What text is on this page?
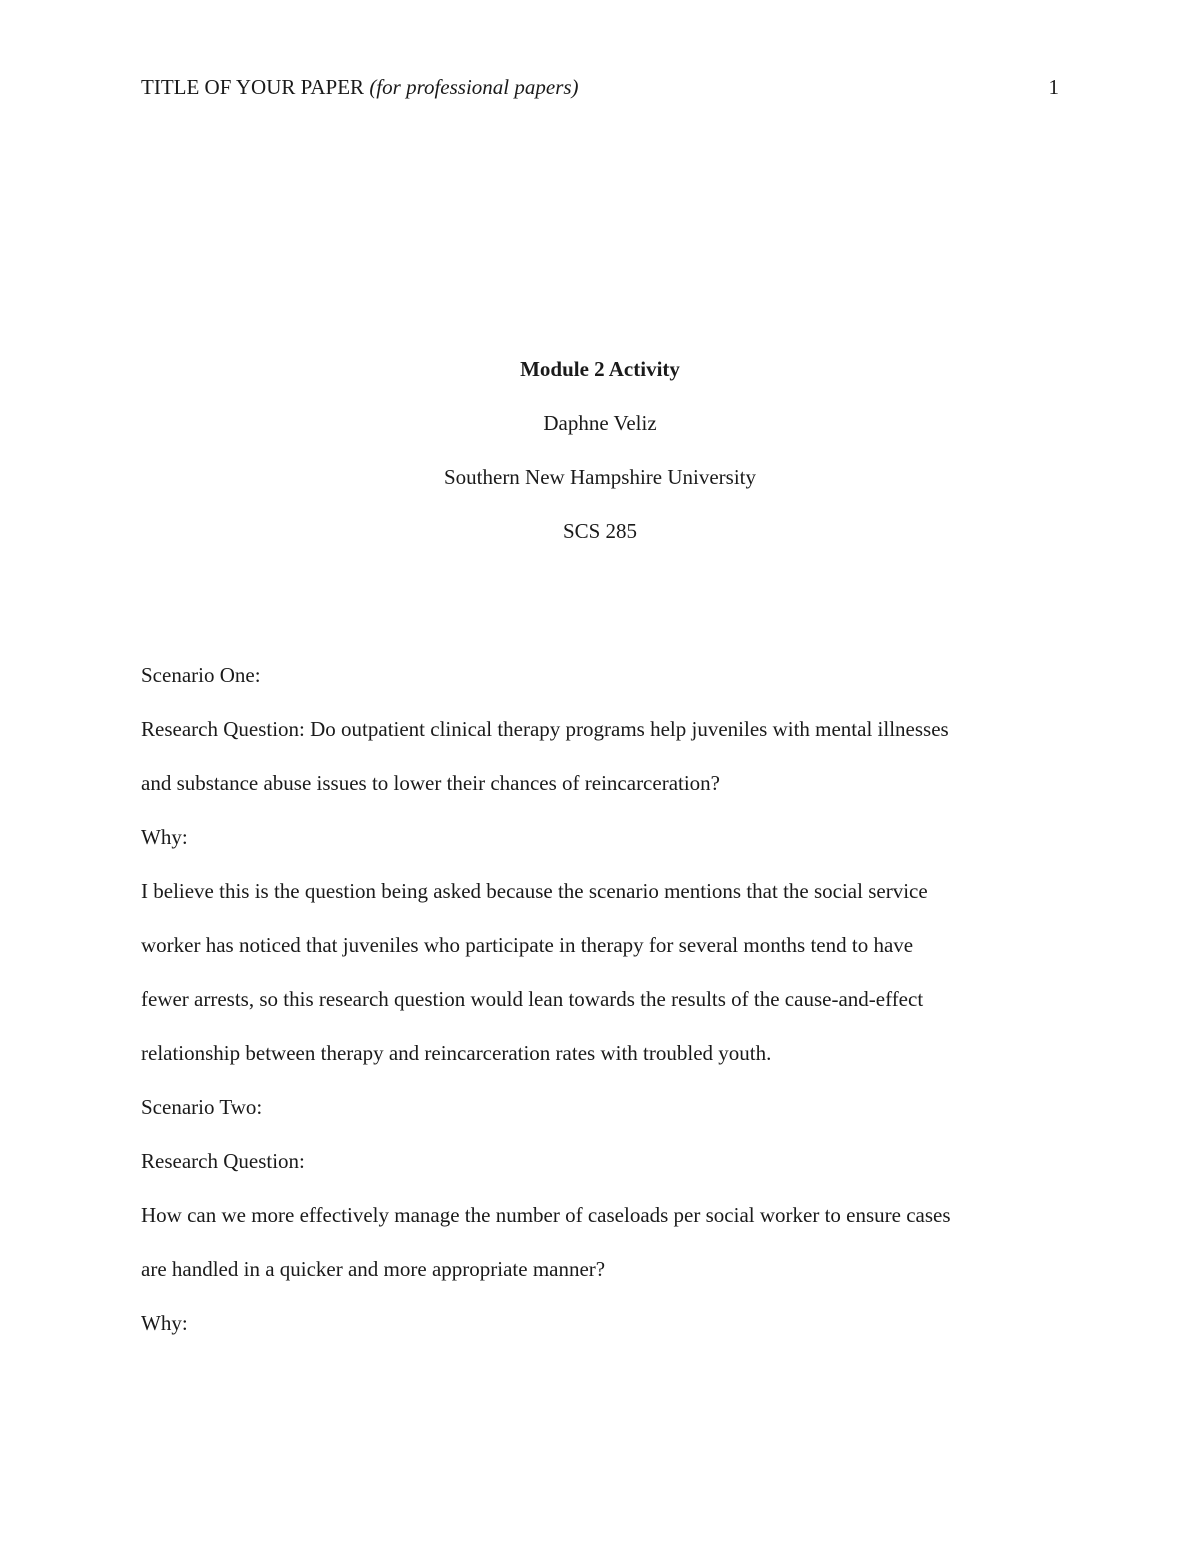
TITLE OF YOUR PAPER (for professional papers)	1
Module 2 Activity
Daphne Veliz
Southern New Hampshire University
SCS 285

Scenario One:

Research Question: Do outpatient clinical therapy programs help juveniles with mental illnesses

and substance abuse issues to lower their chances of reincarceration?

Why:

I believe this is the question being asked because the scenario mentions that the social service

worker has noticed that juveniles who participate in therapy for several months tend to have

fewer arrests, so this research question would lean towards the results of the cause-and-effect

relationship between therapy and reincarceration rates with troubled youth.

Scenario Two:

Research Question:

How can we more effectively manage the number of caseloads per social worker to ensure cases

are handled in a quicker and more appropriate manner?

Why:
